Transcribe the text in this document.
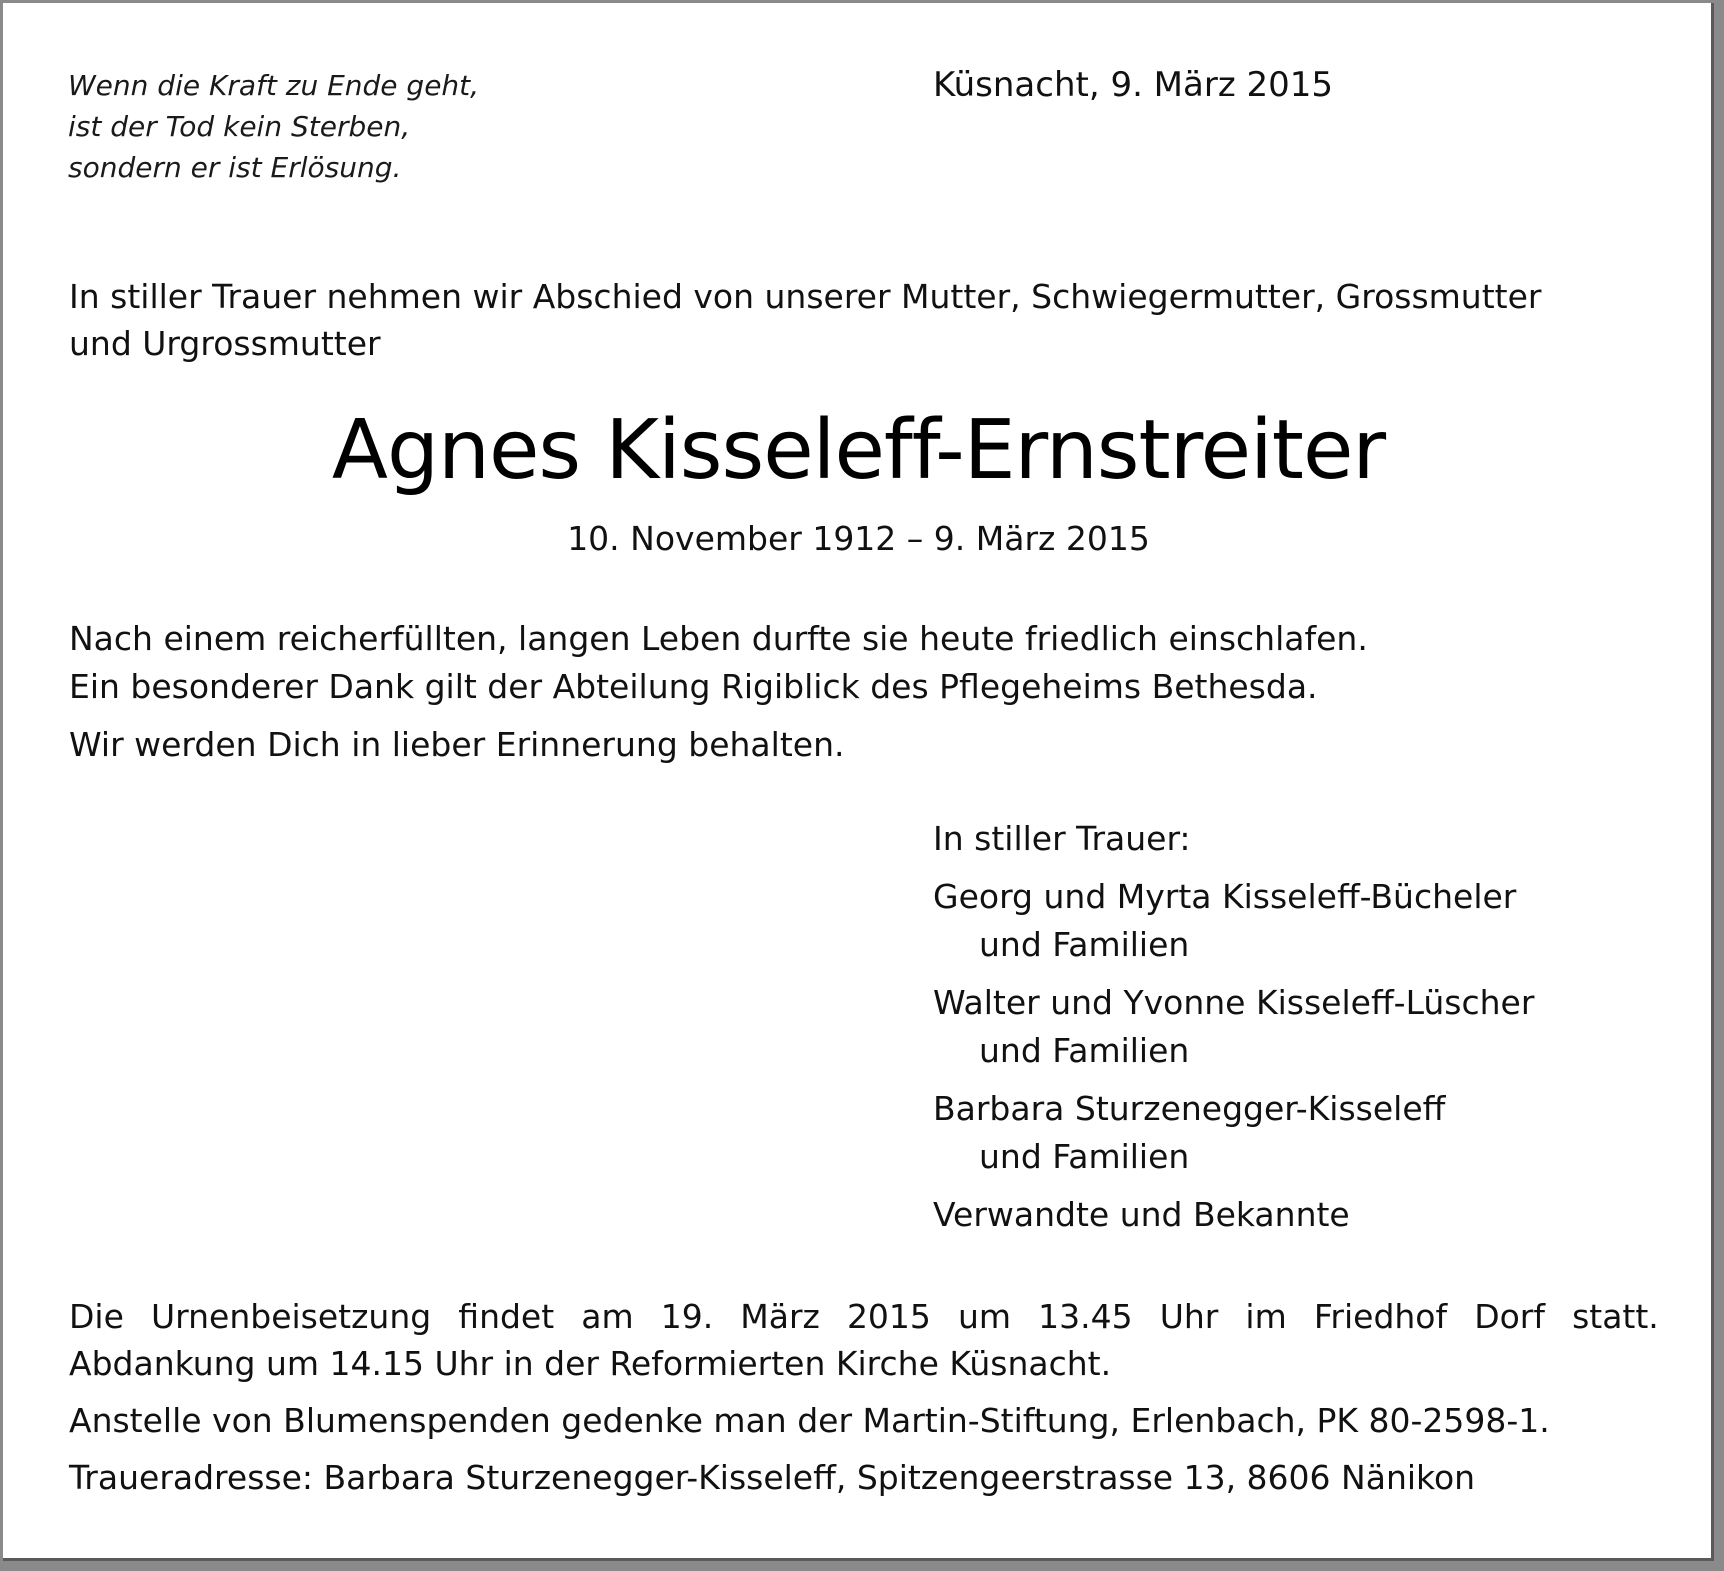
Wenn die Kraft zu Ende geht,
ist der Tod kein Sterben,
sondern er ist Erlösung.
Küsnacht, 9. März 2015
In stiller Trauer nehmen wir Abschied von unserer Mutter, Schwiegermutter, Grossmutter
und Urgrossmutter
Agnes Kisseleff-Ernstreiter
10. November 1912 – 9. März 2015
Nach einem reicherfüllten, langen Leben durfte sie heute friedlich einschlafen.
Ein besonderer Dank gilt der Abteilung Rigiblick des Pflegeheims Bethesda.
Wir werden Dich in lieber Erinnerung behalten.
In stiller Trauer:
Georg und Myrta Kisseleff-Bücheler
und Familien
Walter und Yvonne Kisseleff-Lüscher
und Familien
Barbara Sturzenegger-Kisseleff
und Familien
Verwandte und Bekannte
Die Urnenbeisetzung findet am 19. März 2015 um 13.45 Uhr im Friedhof Dorf statt.
Abdankung um 14.15 Uhr in der Reformierten Kirche Küsnacht.
Anstelle von Blumenspenden gedenke man der Martin-Stiftung, Erlenbach, PK 80-2598-1.
Traueradresse: Barbara Sturzenegger-Kisseleff, Spitzengeerstrasse 13, 8606 Nänikon
